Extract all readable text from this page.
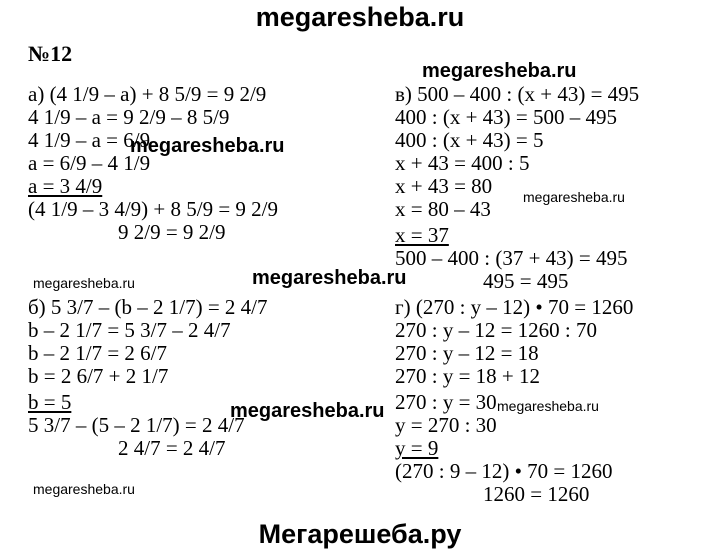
megaresheba.ru
№12
а) (4 1/9 – а) + 8 5/9 = 9 2/9
4 1/9 – а = 9 2/9 – 8 5/9
4 1/9 – а = 6/9
а = 6/9 – 4 1/9
а = 3 4/9
(4 1/9 – 3 4/9) + 8 5/9 = 9 2/9
9 2/9 = 9 2/9
б) 5 3/7 – (b – 2 1/7) = 2 4/7
b – 2 1/7 = 5 3/7 – 2 4/7
b – 2 1/7 = 2 6/7
b = 2 6/7 + 2 1/7
b = 5
5 3/7 – (5 – 2 1/7) = 2 4/7
2 4/7 = 2 4/7
в) 500 – 400 : (x + 43) = 495
400 : (x + 43) = 500 – 495
400 : (x + 43) = 5
x + 43 = 400 : 5
x + 43 = 80
x = 80 – 43
x = 37
500 – 400 : (37 + 43) = 495
495 = 495
г) (270 : y – 12) • 70 = 1260
270 : y – 12 = 1260 : 70
270 : y – 12 = 18
270 : y = 18 + 12
270 : y = 30
y = 270 : 30
y = 9
(270 : 9 – 12) • 70 = 1260
1260 = 1260
megaresheba.ru
megaresheba.ru
megaresheba.ru
megaresheba.ru	megaresheba.ru
megaresheba.ru	megaresheba.ru
megaresheba.ru
Мегарешеба.ру
